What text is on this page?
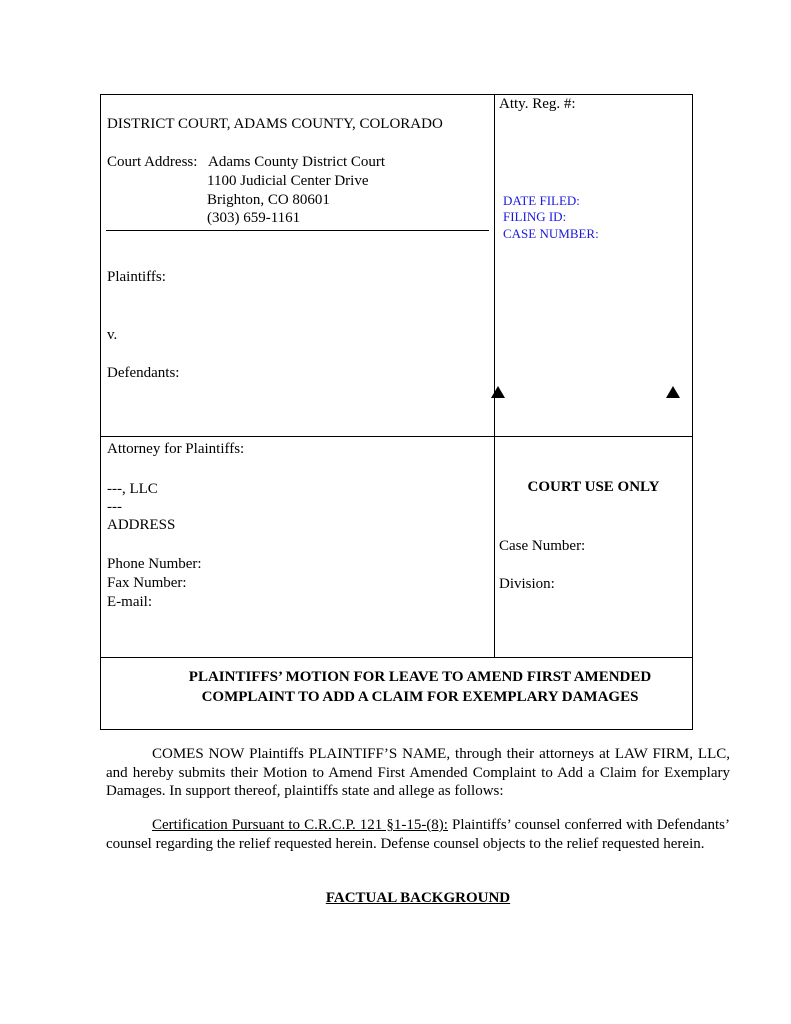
DISTRICT COURT, ADAMS COUNTY, COLORADO
Court Address: Adams County District Court
1100 Judicial Center Drive
Brighton, CO 80601
(303) 659-1161
Plaintiffs:
v.
Defendants:
Atty. Reg. #:
DATE FILED:
FILING ID:
CASE NUMBER:
Attorney for Plaintiffs:
---, LLC
---
ADDRESS
Phone Number:
Fax Number:
E-mail:
COURT USE ONLY
Case Number:
Division:
PLAINTIFFS’ MOTION FOR LEAVE TO AMEND FIRST AMENDED
COMPLAINT TO ADD A CLAIM FOR EXEMPLARY DAMAGES
COMES NOW Plaintiffs PLAINTIFF’S NAME, through their attorneys at LAW FIRM, LLC, and hereby submits their Motion to Amend First Amended Complaint to Add a Claim for Exemplary Damages. In support thereof, plaintiffs state and allege as follows:
Certification Pursuant to C.R.C.P. 121 §1-15-(8): Plaintiffs’ counsel conferred with Defendants’ counsel regarding the relief requested herein. Defense counsel objects to the relief requested herein.
FACTUAL BACKGROUND
